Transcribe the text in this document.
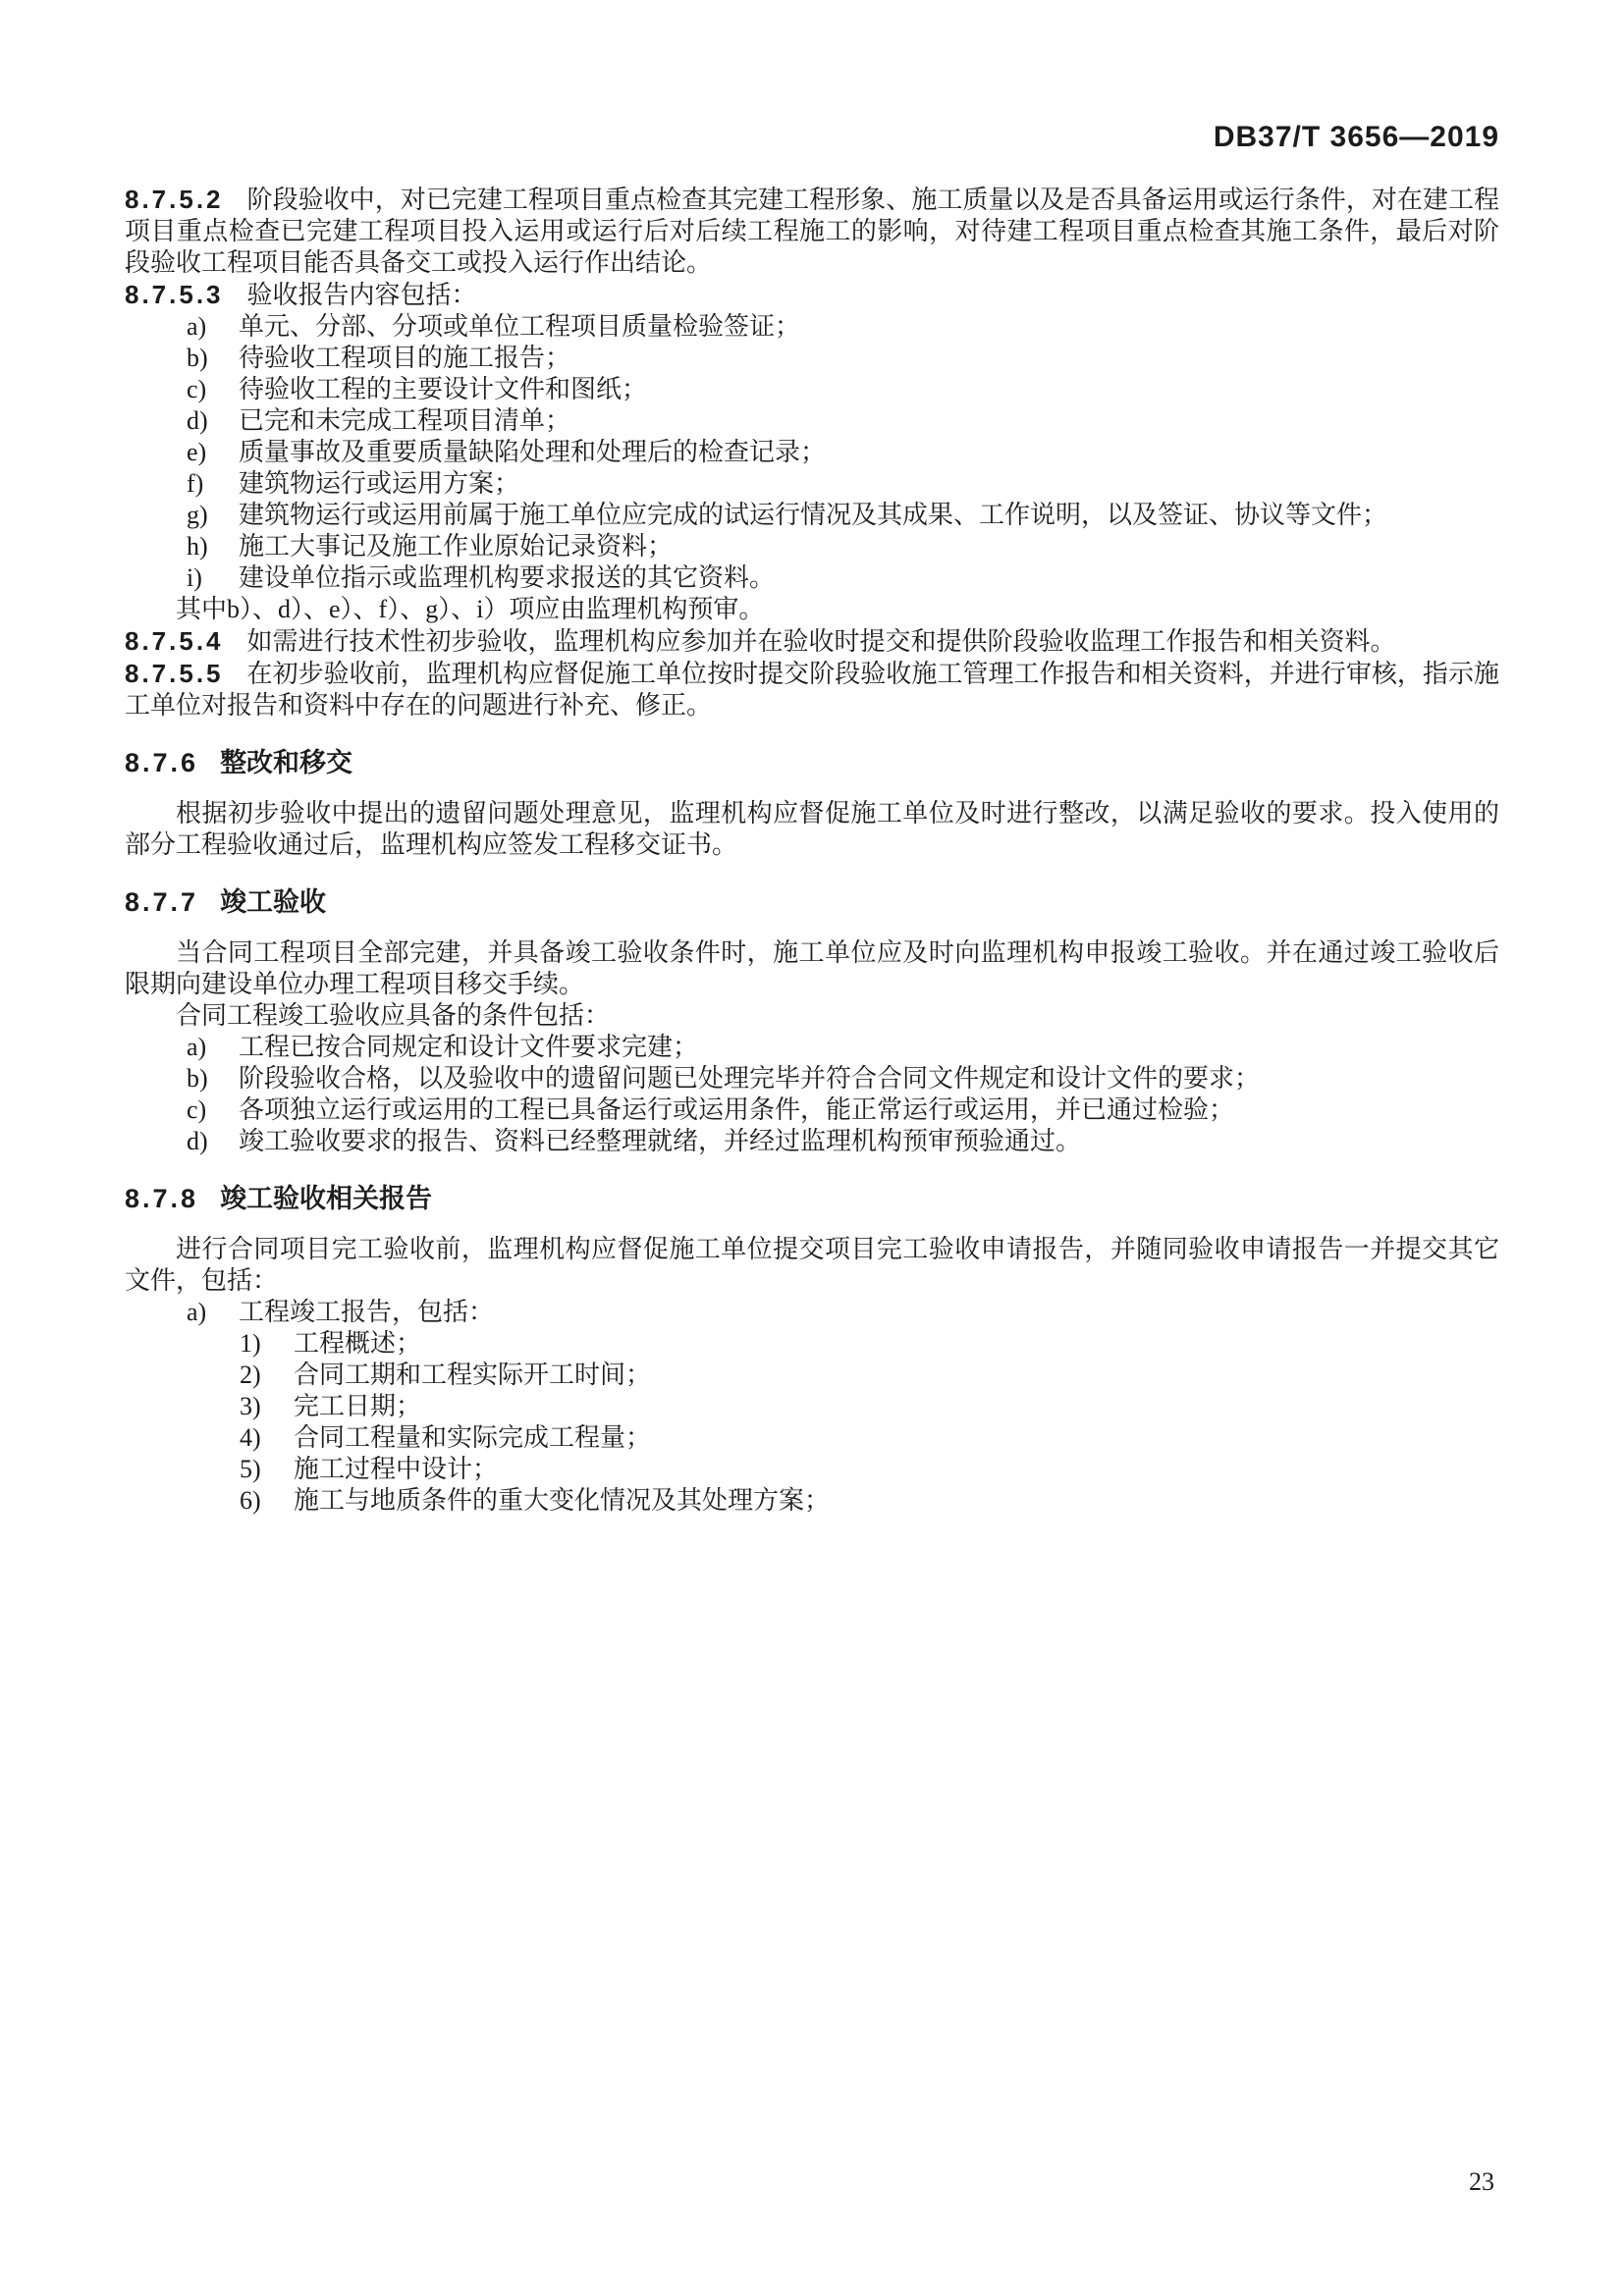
DB37/T 3656—2019

8.7.5.2 阶段验收中，对已完建工程项目重点检查其完建工程形象、施工质量以及是否具备运用或运行条件，对在建工程项目重点检查已完建工程项目投入运用或运行后对后续工程施工的影响，对待建工程项目重点检查其施工条件，最后对阶段验收工程项目能否具备交工或投入运行作出结论。

8.7.5.3 验收报告内容包括：

a)	单元、分部、分项或单位工程项目质量检验签证；
b)	待验收工程项目的施工报告；
c)	待验收工程的主要设计文件和图纸；
d)	已完和未完成工程项目清单；
e)	质量事故及重要质量缺陷处理和处理后的检查记录；
f)	建筑物运行或运用方案；
g)	建筑物运行或运用前属于施工单位应完成的试运行情况及其成果、工作说明，以及签证、协议等文件；
h)	施工大事记及施工作业原始记录资料；
i)	建设单位指示或监理机构要求报送的其它资料。

其中b）、d）、e）、f）、g）、i）项应由监理机构预审。

8.7.5.4 如需进行技术性初步验收，监理机构应参加并在验收时提交和提供阶段验收监理工作报告和相关资料。

8.7.5.5 在初步验收前，监理机构应督促施工单位按时提交阶段验收施工管理工作报告和相关资料，并进行审核，指示施工单位对报告和资料中存在的问题进行补充、修正。

8.7.6 整改和移交

根据初步验收中提出的遗留问题处理意见，监理机构应督促施工单位及时进行整改，以满足验收的要求。投入使用的部分工程验收通过后，监理机构应签发工程移交证书。

8.7.7 竣工验收

当合同工程项目全部完建，并具备竣工验收条件时，施工单位应及时向监理机构申报竣工验收。并在通过竣工验收后限期向建设单位办理工程项目移交手续。

合同工程竣工验收应具备的条件包括：

a)	工程已按合同规定和设计文件要求完建；
b)	阶段验收合格，以及验收中的遗留问题已处理完毕并符合合同文件规定和设计文件的要求；
c)	各项独立运行或运用的工程已具备运行或运用条件，能正常运行或运用，并已通过检验；
d)	竣工验收要求的报告、资料已经整理就绪，并经过监理机构预审预验通过。
8.7.8 竣工验收相关报告

进行合同项目完工验收前，监理机构应督促施工单位提交项目完工验收申请报告，并随同验收申请报告一并提交其它文件，包括：

a)	工程竣工报告，包括：
1)	工程概述；
2)	合同工期和工程实际开工时间；
3)	完工日期；
4)	合同工程量和实际完成工程量；
5)	施工过程中设计；
6)	施工与地质条件的重大变化情况及其处理方案；
23
